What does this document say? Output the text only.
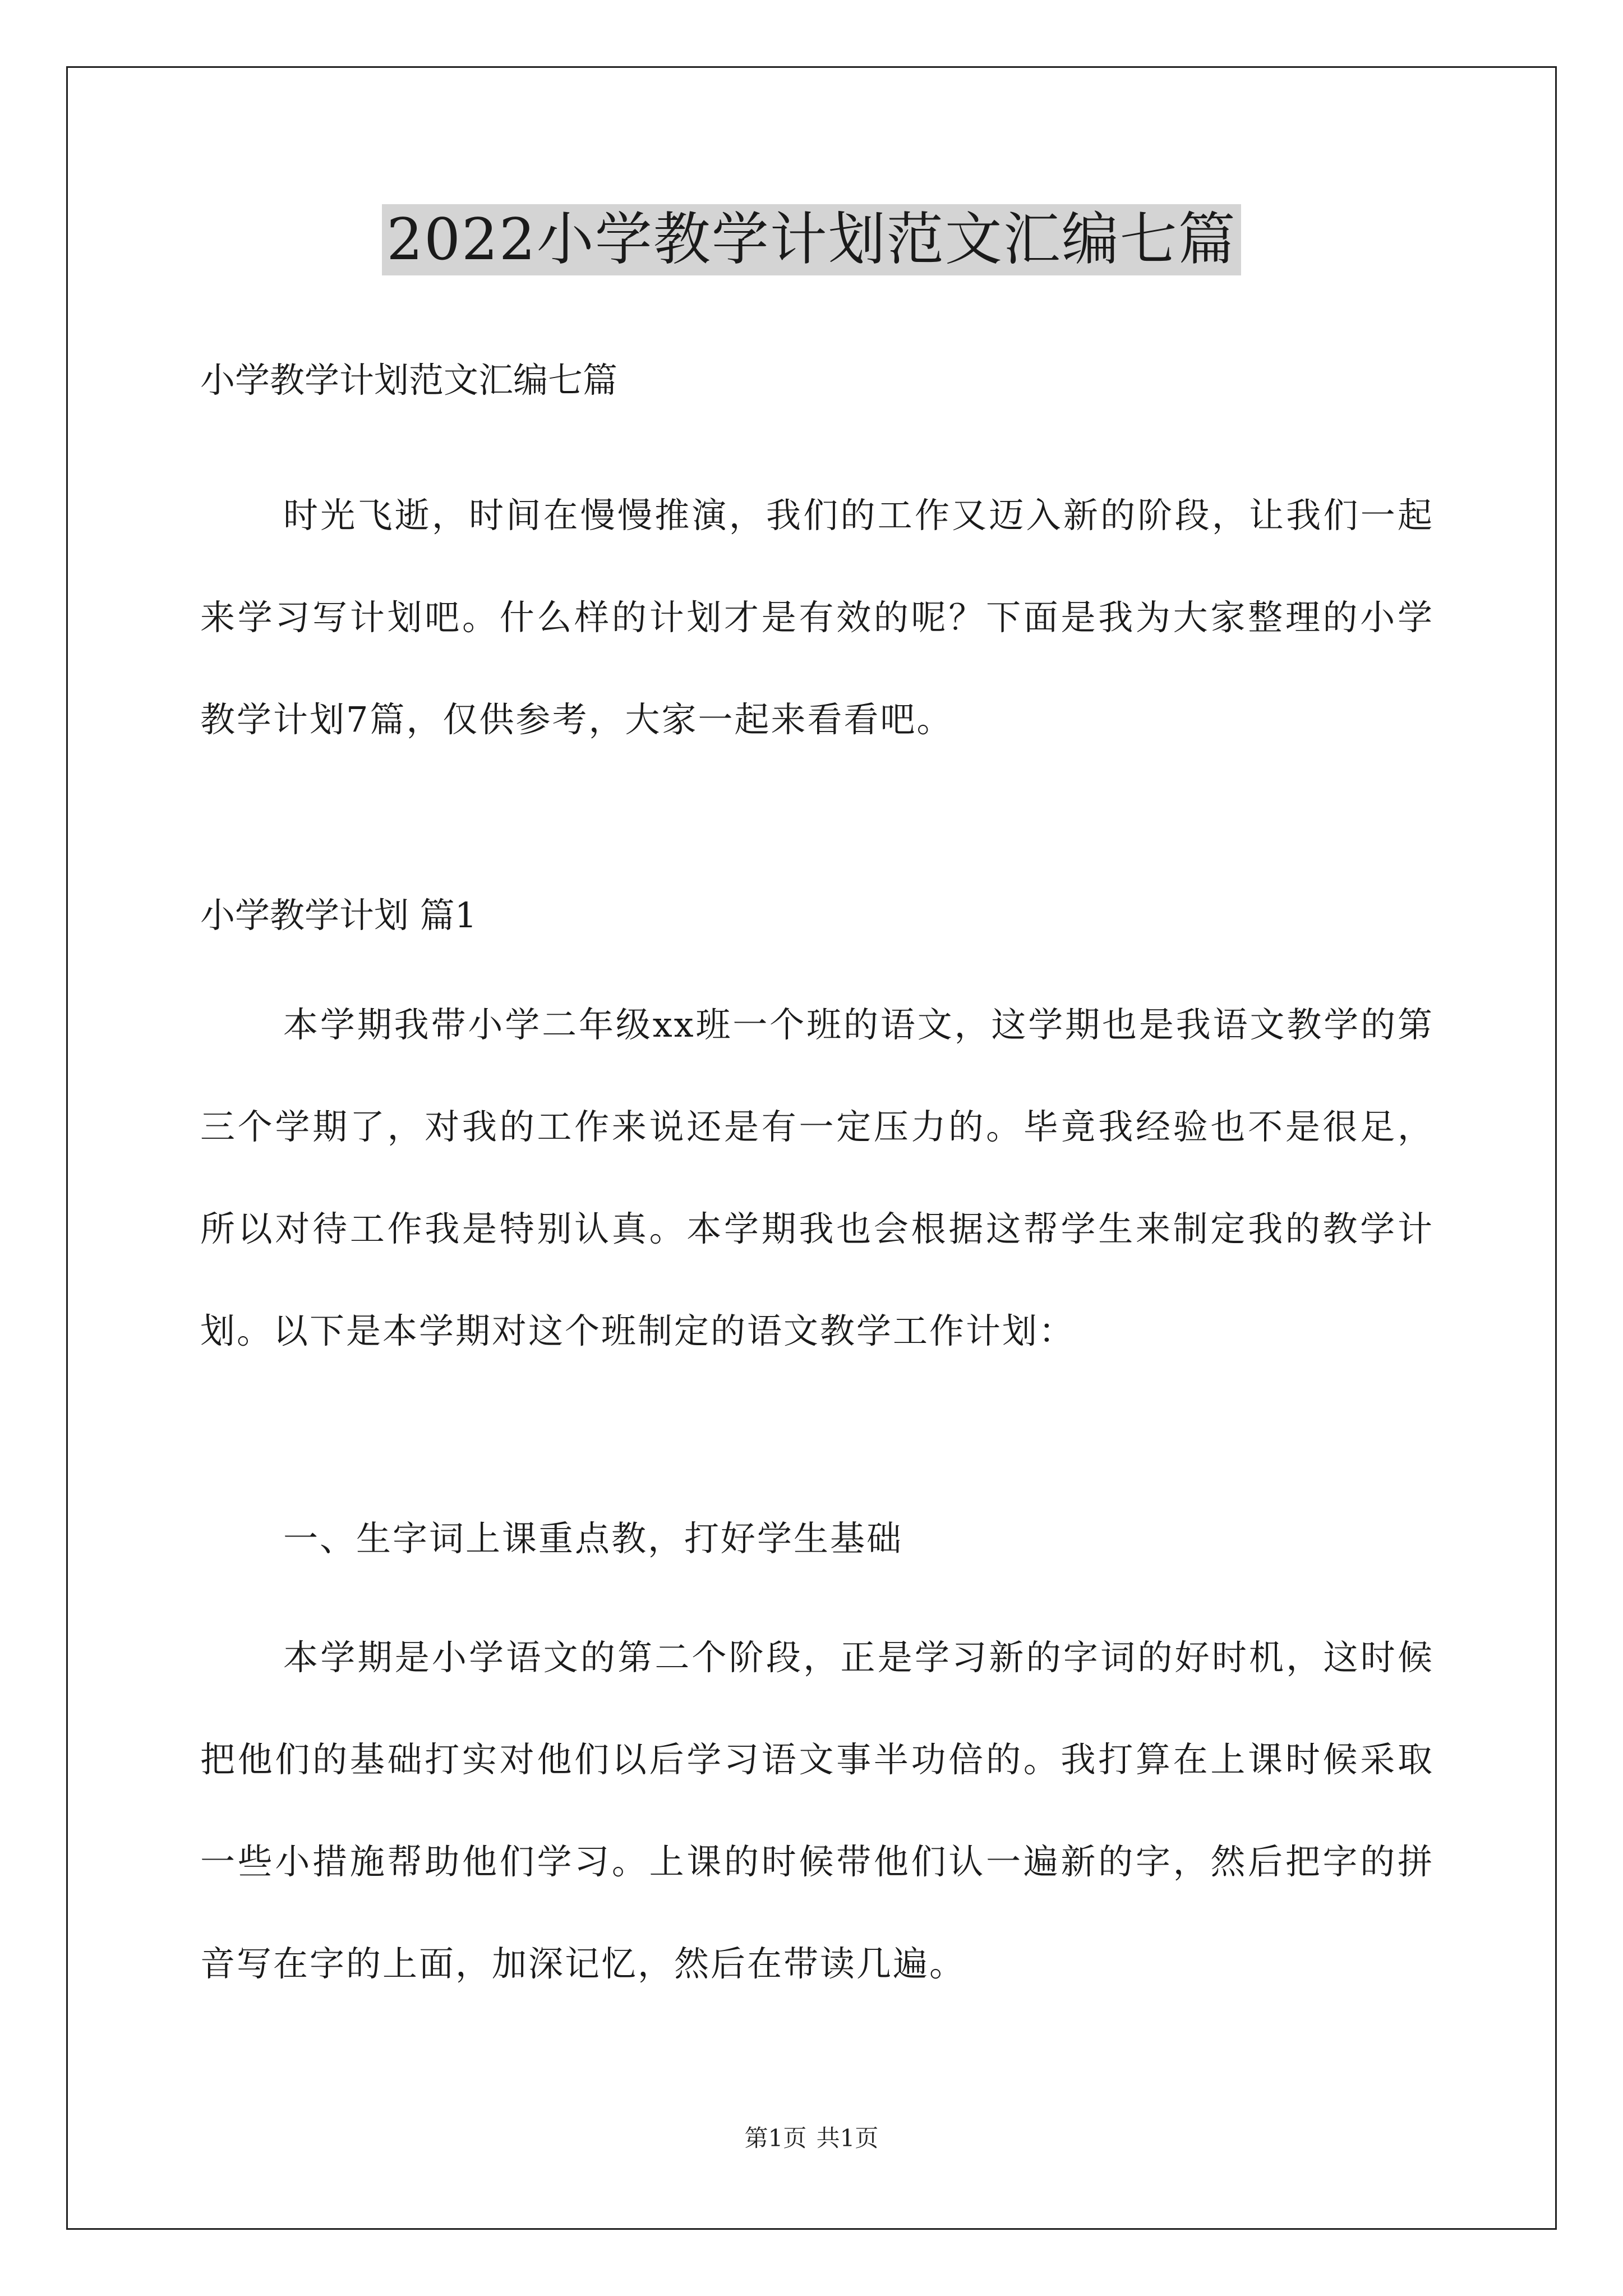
2022小学教学计划范文汇编七篇

小学教学计划范文汇编七篇

时光飞逝，时间在慢慢推演，我们的工作又迈入新的阶段，让我们一起来学习写计划吧。什么样的计划才是有效的呢？下面是我为大家整理的小学教学计划7篇，仅供参考，大家一起来看看吧。

小学教学计划 篇1

本学期我带小学二年级xx班一个班的语文，这学期也是我语文教学的第三个学期了，对我的工作来说还是有一定压力的。毕竟我经验也不是很足，所以对待工作我是特别认真。本学期我也会根据这帮学生来制定我的教学计划。以下是本学期对这个班制定的语文教学工作计划：

一、生字词上课重点教，打好学生基础

本学期是小学语文的第二个阶段，正是学习新的字词的好时机，这时候把他们的基础打实对他们以后学习语文事半功倍的。我打算在上课时候采取一些小措施帮助他们学习。上课的时候带他们认一遍新的字，然后把字的拼音写在字的上面，加深记忆，然后在带读几遍。

第1页 共1页
